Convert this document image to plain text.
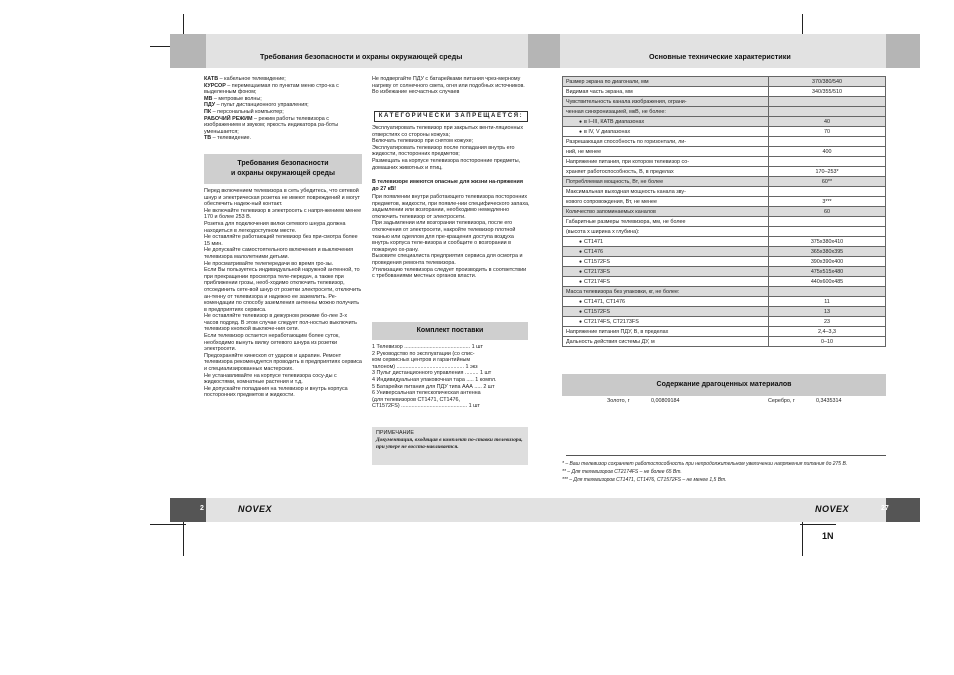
Требования безопасности и охраны окружающей среды	Основные технические характеристики

КАТВ – кабельное телевидение;

КУРСОР – перемещаемая по пунктам меню стро-ка с выделенным фоном;

МВ – метровые волны;

ПДУ – пульт дистанционного управления;

ПК – персональный компьютер;

РАБОЧИЙ РЕЖИМ – режим работы телевизора с изображением и звуком; яркость индикатора ра-боты уменьшается;

ТВ – телевидение.

Требования безопасности
и охраны окружающей среды

Перед включением телевизора в сеть убедитесь, что сетевой шнур и электрическая розетка не имеют повреждений и могут обеспечить надеж-ный контакт.

Не включайте телевизор в электросеть с напря-жением менее 170 и более 253 В.

Розетка для подключения вилки сетевого шнура должна находиться в легкодоступном месте.

Не оставляйте работающий телевизор без при-смотра более 15 мин.

Не допускайте самостоятельного включения и выключения телевизора малолетними детьми.

Не просматривайте телепередачи во время гро-зы.

Если Вы пользуетесь индивидуальной наружной антенной, то при прекращении просмотра теле-передач, а также при приближении грозы, необ-ходимо отключить телевизор, отсоединить сете-вой шнур от розетки электросети, отключить ан-тенну от телевизора и надежно ее заземлить. Ре-комендации по способу заземления антенны можно получить в предприятиях сервиса.

Не оставляйте телевизор в дежурном режиме бо-лее 3-х часов подряд. В этом случае следует пол-ностью выключить телевизор кнопкой выключе-ния сети.

Если телевизор остается неработающим более суток, необходимо вынуть вилку сетевого шнура из розетки электросети.

Предохраняйте кинескоп от ударов и царапин. Ремонт телевизора рекомендуется проводить в предприятиях сервиса и специализированных мастерских.

Не устанавливайте на корпусе телевизора сосу-ды с жидкостями, комнатные растения и т.д.

Не допускайте попадания на телевизор и внутрь корпуса посторонних предметов и жидкости.

Не подвергайте ПДУ с батарейками питания чрез-мерному нагреву от солнечного света, огня или подобных источников.

Во избежание несчастных случаев

КАТЕГОРИЧЕСКИ ЗАПРЕЩАЕТСЯ:

Эксплуатировать телевизор при закрытых венти-ляционных отверстиях со стороны кожуха;

Включать телевизор при снятом кожухе;

Эксплуатировать телевизор после попадания внутрь его жидкости, посторонних предметов;

Размещать на корпусе телевизора посторонние предметы, домашних животных и птиц.

В телевизоре имеются опасные для жизни на-пряжения до 27 кВ!

При появлении внутри работающего телевизора посторонних предметов, жидкости, при появле-нии специфического запаха, задымлении или возгорании, необходимо немедленно отключить телевизор от электросети.

При задымлении или возгорании телевизора, после его отключения от электросети, накройте телевизор плотной тканью или одеялом для пре-кращения доступа воздуха внутрь корпуса теле-визора и сообщите о возгорании в пожарную ох-рану.

Вызовите специалиста предприятия сервиса для осмотра и проведения ремонта телевизора.

Утилизацию телевизора следует производить в соответствии с требованиями местных органов власти.

Комплект поставки

1 Телевизор ............................................ 1 шт

2 Руководство по эксплуатации (со спис-

ком сервисных центров и гарантийным

талоном) ............................................. 1 экз

3 Пульт дистанционного управления ......... 1 шт

4 Индивидуальная упаковочная тара ..... 1 компл.

5 Батарейки питания для ПДУ типа ААА ..... 2 шт

6 Универсальная телескопическая антенна

(для телевизоров СТ1471, СТ1476,

СТ1572FS) ............................................ 1 шт

ПРИМЕЧАНИЕ
Документация, входящая в комплект по-ставки телевизора, при утере не восста-навливается.
Размер экрана по диагонали, мм	370/380/540
Видимая часть экрана, мм	340/355/510
Чувствительность канала изображения, ограни-	
ченная синхронизацией, мкВ, не более:	
● в I–III, КАТВ диапазонах	40
● в IV, V диапазонах	70
Разрешающая способность по горизонтали, ли-	
ний, не менее	400
Напряжение питания, при котором телевизор со-	
храняет работоспособность, В, в пределах	170–253*
Потребляемая мощность, Вт, не более	60**
Максимальная выходная мощность канала зву-	
кового сопровождения, Вт, не менее	3***
Количество запоминаемых каналов	60
Габаритные размеры телевизора, мм, не более	
(высота x ширина x глубина):	
● СТ1471	375x380x410
● СТ1476	365x380x395
● СТ1572FS	390x390x400
● СТ2173FS	475x515x480
● СТ2174FS	440x600x485
Масса телевизора без упаковки, кг, не более:	
● СТ1471, СТ1476	11
● СТ1572FS	13
● СТ2174FS, СТ2173FS	23
Напряжение питания ПДУ, В, в пределах	2,4–3,3
Дальность действия системы ДУ, м	0–10
Содержание драгоценных материалов
Золото, г	0,00809184	Серебро, г	0,3435314

* – Ваш телевизор сохраняет работоспособность при непродолжительном увеличении напряжения питания до 275 В.

** – Для телевизоров СТ2174FS – не более 65 Вт.

*** – Для телевизоров СТ1471, СТ1476, СТ1572FS – не менее 1,5 Вт.

2	27
NOVEX	NOVEX
1N
